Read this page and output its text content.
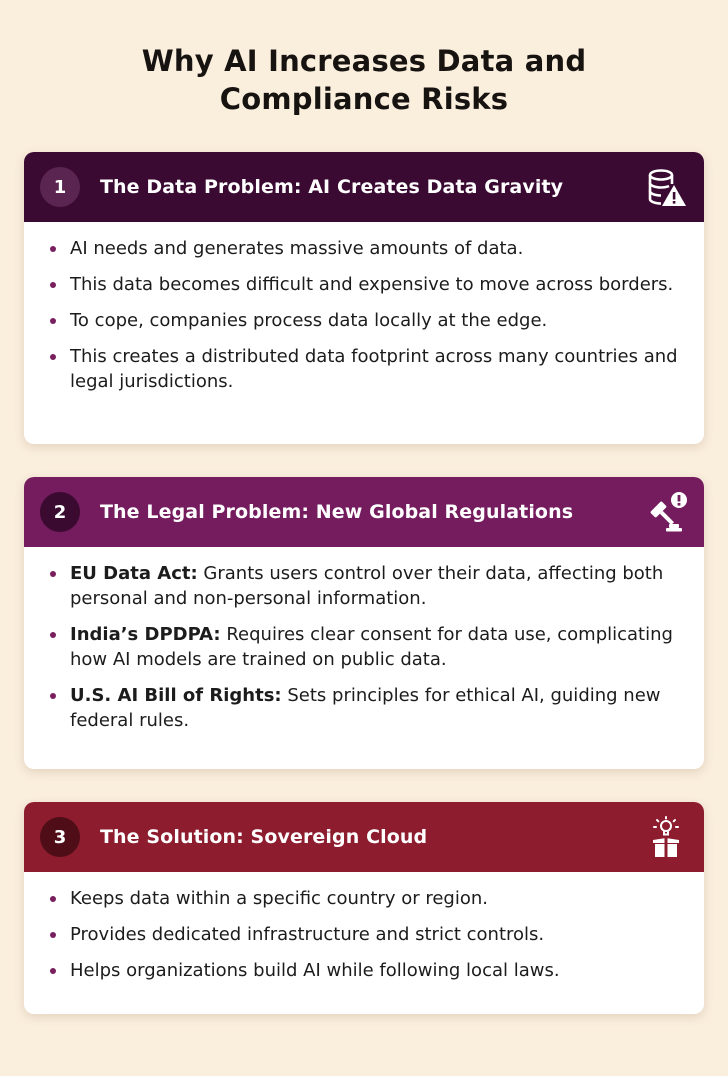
Why AI Increases Data and
Compliance Risks
1	The Data Problem: AI Creates Data Gravity
AI needs and generates massive amounts of data.
This data becomes difficult and expensive to move across borders.
To cope, companies process data locally at the edge.
This creates a distributed data footprint across many countries and legal jurisdictions.
2	The Legal Problem: New Global Regulations
EU Data Act: Grants users control over their data, affecting both personal and non-personal information.
India’s DPDPA: Requires clear consent for data use, complicating how AI models are trained on public data.
U.S. AI Bill of Rights: Sets principles for ethical AI, guiding new federal rules.
3	The Solution: Sovereign Cloud
Keeps data within a specific country or region.
Provides dedicated infrastructure and strict controls.
Helps organizations build AI while following local laws.
